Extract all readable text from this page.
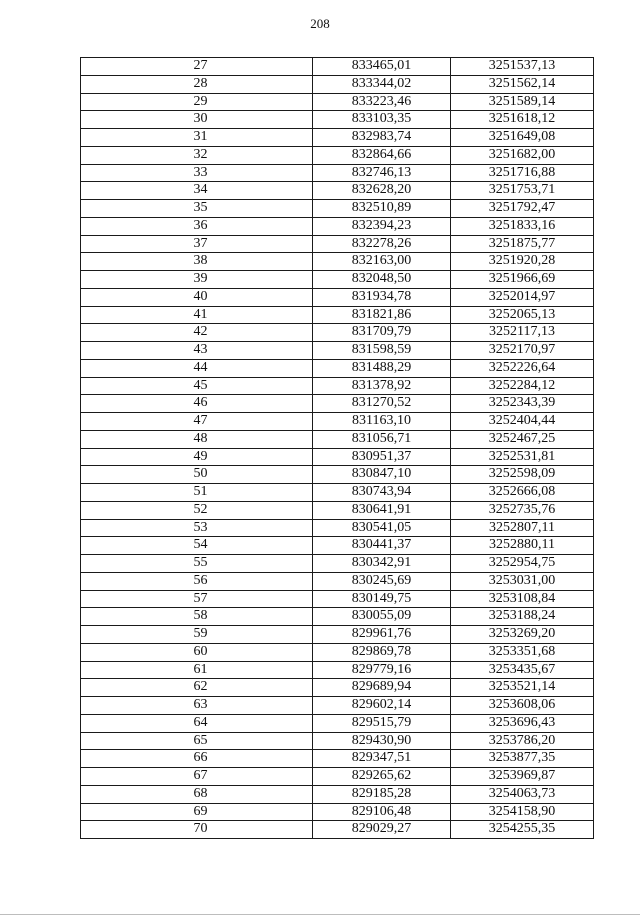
208
27	833465,01	3251537,13
28	833344,02	3251562,14
29	833223,46	3251589,14
30	833103,35	3251618,12
31	832983,74	3251649,08
32	832864,66	3251682,00
33	832746,13	3251716,88
34	832628,20	3251753,71
35	832510,89	3251792,47
36	832394,23	3251833,16
37	832278,26	3251875,77
38	832163,00	3251920,28
39	832048,50	3251966,69
40	831934,78	3252014,97
41	831821,86	3252065,13
42	831709,79	3252117,13
43	831598,59	3252170,97
44	831488,29	3252226,64
45	831378,92	3252284,12
46	831270,52	3252343,39
47	831163,10	3252404,44
48	831056,71	3252467,25
49	830951,37	3252531,81
50	830847,10	3252598,09
51	830743,94	3252666,08
52	830641,91	3252735,76
53	830541,05	3252807,11
54	830441,37	3252880,11
55	830342,91	3252954,75
56	830245,69	3253031,00
57	830149,75	3253108,84
58	830055,09	3253188,24
59	829961,76	3253269,20
60	829869,78	3253351,68
61	829779,16	3253435,67
62	829689,94	3253521,14
63	829602,14	3253608,06
64	829515,79	3253696,43
65	829430,90	3253786,20
66	829347,51	3253877,35
67	829265,62	3253969,87
68	829185,28	3254063,73
69	829106,48	3254158,90
70	829029,27	3254255,35
